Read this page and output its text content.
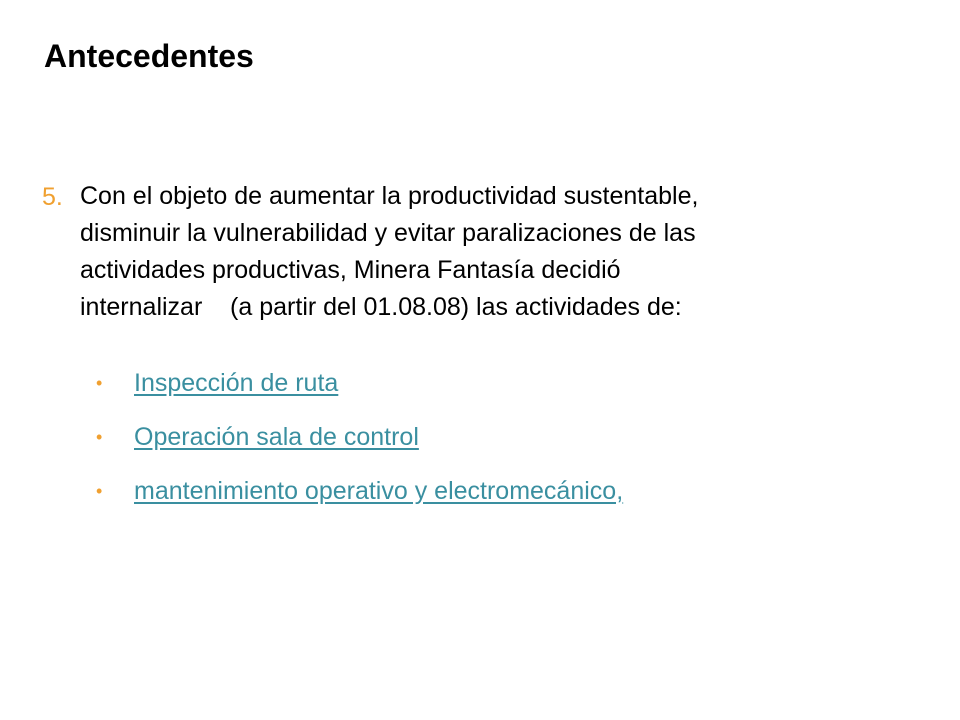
Antecedentes
5. Con el objeto de aumentar la productividad sustentable,
disminuir la vulnerabilidad y evitar paralizaciones de las
actividades productivas, Minera Fantasía decidió
internalizar    (a partir del 01.08.08) las actividades de:
•	Inspección de ruta
•	Operación sala de control
•	mantenimiento operativo y electromecánico,
